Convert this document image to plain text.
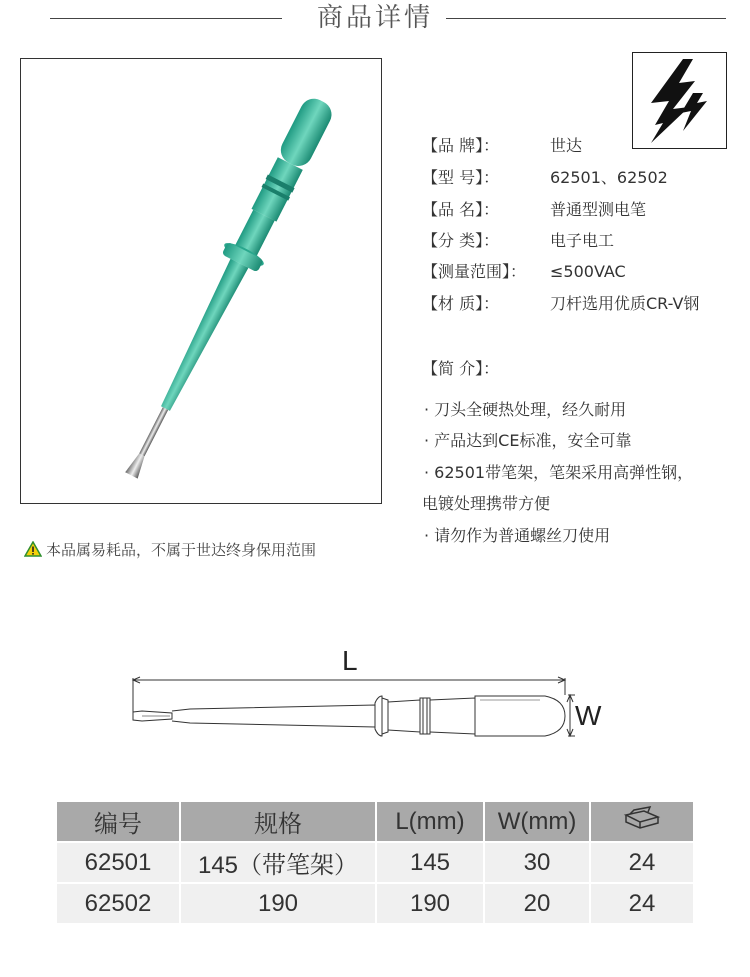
商品详情
本品属易耗品，不属于世达终身保用范围
【品 牌】：	世达
【型 号】：	62501、62502
【品 名】：	普通型测电笔
【分 类】：	电子电工
【测量范围】： ≤500VAC
【材 质】：	刀杆选用优质CR-V钢
【简 介】：
· 刀头全硬热处理，经久耐用
· 产品达到CE标准，安全可靠
· 62501带笔架，笔架采用高弹性钢，
电镀处理携带方便
· 请勿作为普通螺丝刀使用
L
W
编号	规格	L(mm)	W(mm)	
62501	145（带笔架）	145	30	24
62502	190	190	20	24
